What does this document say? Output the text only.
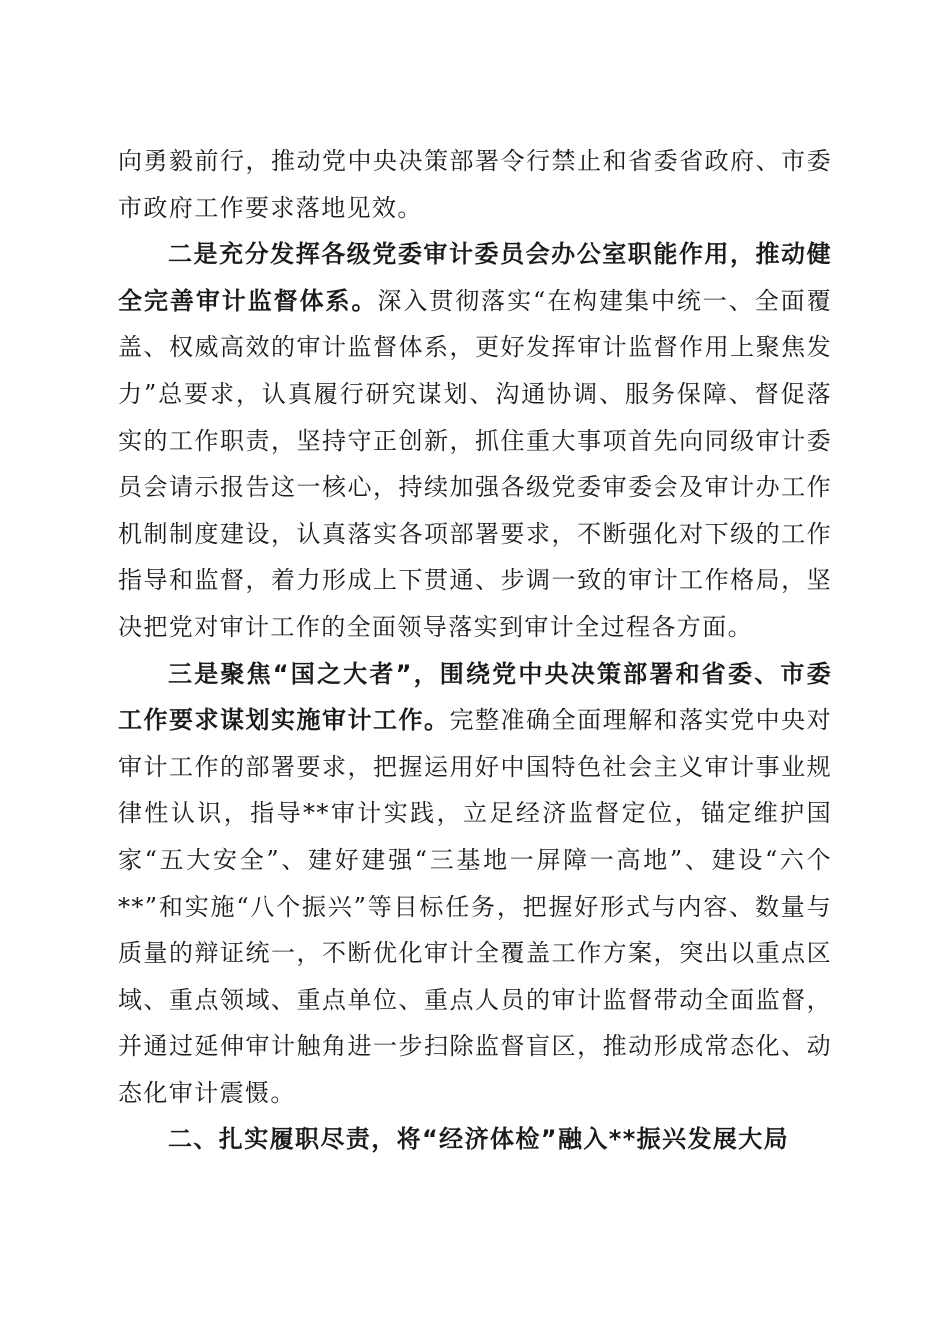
向勇毅前行，推动党中央决策部署令行禁止和省委省政府、市委市政府工作要求落地见效。

二是充分发挥各级党委审计委员会办公室职能作用，推动健全完善审计监督体系。深入贯彻落实“在构建集中统一、全面覆盖、权威高效的审计监督体系，更好发挥审计监督作用上聚焦发力”总要求，认真履行研究谋划、沟通协调、服务保障、督促落实的工作职责，坚持守正创新，抓住重大事项首先向同级审计委员会请示报告这一核心，持续加强各级党委审委会及审计办工作机制制度建设，认真落实各项部署要求，不断强化对下级的工作指导和监督，着力形成上下贯通、步调一致的审计工作格局，坚决把党对审计工作的全面领导落实到审计全过程各方面。

三是聚焦“国之大者”，围绕党中央决策部署和省委、市委工作要求谋划实施审计工作。完整准确全面理解和落实党中央对审计工作的部署要求，把握运用好中国特色社会主义审计事业规律性认识，指导**审计实践，立足经济监督定位，锚定维护国家“五大安全”、建好建强“三基地一屏障一高地”、建设“六个**”和实施“八个振兴”等目标任务，把握好形式与内容、数量与质量的辩证统一，不断优化审计全覆盖工作方案，突出以重点区域、重点领域、重点单位、重点人员的审计监督带动全面监督，并通过延伸审计触角进一步扫除监督盲区，推动形成常态化、动态化审计震慑。

二、扎实履职尽责，将“经济体检”融入**振兴发展大局
